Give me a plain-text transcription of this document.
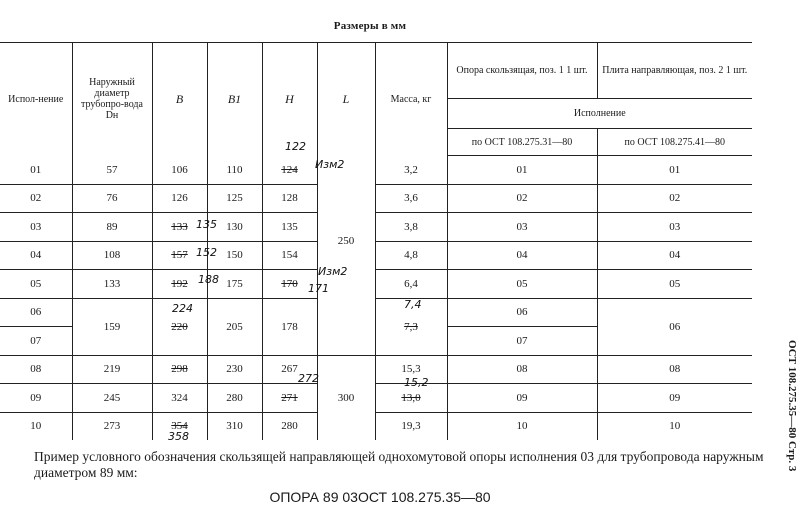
Размеры в мм
Испол-нение	Наружный диаметр трубопро-вода Dн	B	B1	H	L	Масса, кг	Опора скользящая, поз. 1 1 шт.	Плита направляющая, поз. 2 1 шт.
							Исполнение	
							по ОСТ 108.275.31—80	по ОСТ 108.275.41—80
01	57	106	110	124	250	3,2	01	01
02	76	126	125	128		3,6	02	02
03	89	133	130	135		3,8	03	03
04	108	157	150	154		4,8	04	04
05	133	192	175	170		6,4	05	05
06	159	220	205	178		7,3	06	06
07							07	
08	219	298	230	267	300	15,3	08	08
09	245	324	280	271		13,0	09	09
10	273	354	310	280		19,3	10	10
122
Изм2
135
152
188
171
Изм2
224	7,4
272	15,2
358
Пример условного обозначения скользящей направляющей однохомутовой опоры исполнения 03 для трубопровода наружным диаметром 89 мм:
ОПОРА 89 03ОСТ 108.275.35—80
ОСТ 108.275.35—80 Стр. 3
